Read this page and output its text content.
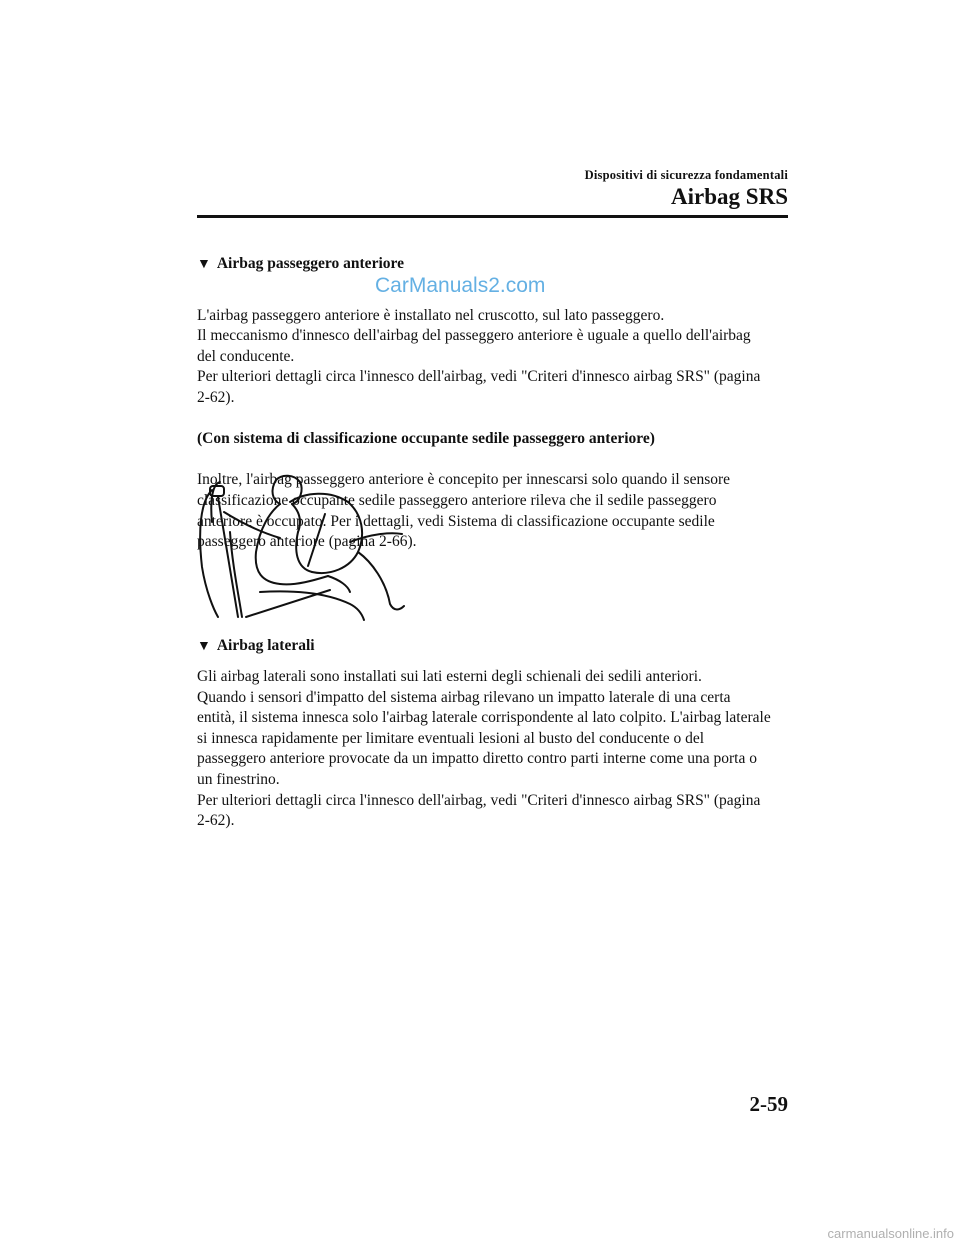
Dispositivi di sicurezza fondamentali
Airbag SRS
▼ Airbag passeggero anteriore
CarManuals2.com

L'airbag passeggero anteriore è installato nel cruscotto, sul lato passeggero.
Il meccanismo d'innesco dell'airbag del passeggero anteriore è uguale a quello dell'airbag
del conducente.
Per ulteriori dettagli circa l'innesco dell'airbag, vedi "Criteri d'innesco airbag SRS" (pagina
2-62).

(Con sistema di classificazione occupante sedile passeggero anteriore)

Inoltre, l'airbag passeggero anteriore è concepito per innescarsi solo quando il sensore
classificazione occupante sedile passeggero anteriore rileva che il sedile passeggero
anteriore è occupato. Per i dettagli, vedi Sistema di classificazione occupante sedile
passeggero anteriore (pagina 2-66).

▼ Airbag laterali
Gli airbag laterali sono installati sui lati esterni degli schienali dei sedili anteriori.
Quando i sensori d'impatto del sistema airbag rilevano un impatto laterale di una certa
entità, il sistema innesca solo l'airbag laterale corrispondente al lato colpito. L'airbag laterale
si innesca rapidamente per limitare eventuali lesioni al busto del conducente o del
passeggero anteriore provocate da un impatto diretto contro parti interne come una porta o
un finestrino.
Per ulteriori dettagli circa l'innesco dell'airbag, vedi "Criteri d'innesco airbag SRS" (pagina
2-62).
2-59
carmanualsonline.info
